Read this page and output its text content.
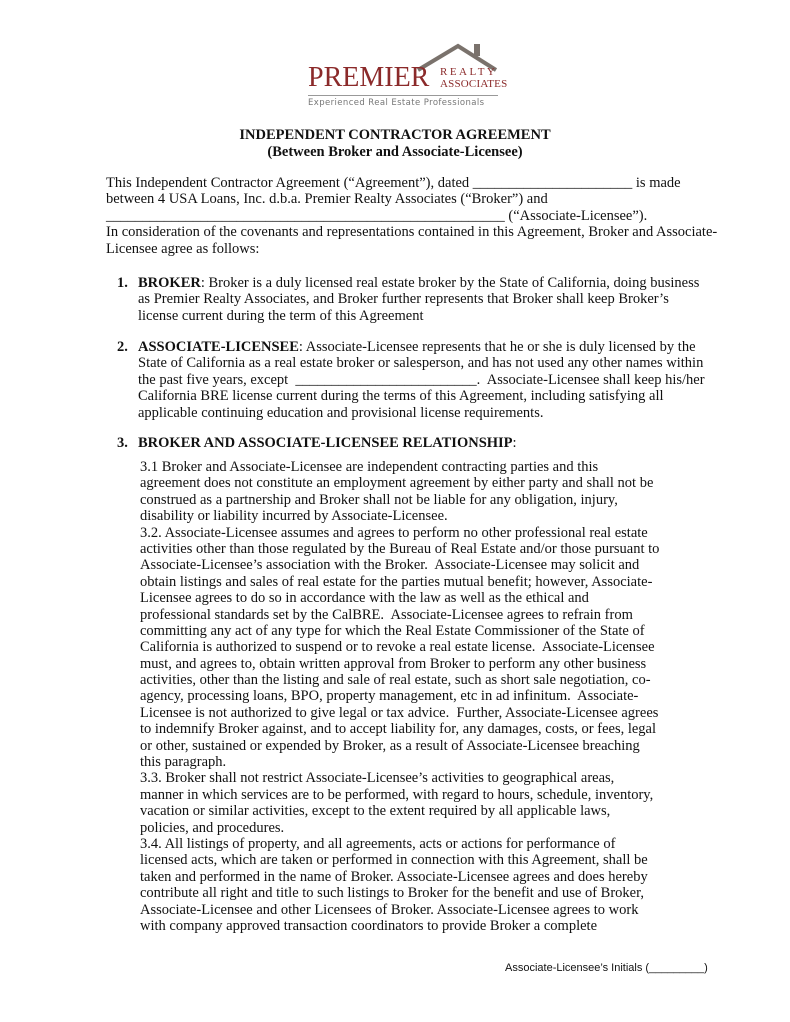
PREMIER REALTY
ASSOCIATES
Experienced Real Estate Professionals
INDEPENDENT CONTRACTOR AGREEMENT
(Between Broker and Associate-Licensee)
This Independent Contractor Agreement (“Agreement”), dated ______________________ is made
between 4 USA Loans, Inc. d.b.a. Premier Realty Associates (“Broker”) and
_______________________________________________________ (“Associate-Licensee”).
In consideration of the covenants and representations contained in this Agreement, Broker and Associate-
Licensee agree as follows:
1. BROKER: Broker is a duly licensed real estate broker by the State of California, doing business
as Premier Realty Associates, and Broker further represents that Broker shall keep Broker’s
license current during the term of this Agreement
2. ASSOCIATE-LICENSEE: Associate-Licensee represents that he or she is duly licensed by the
State of California as a real estate broker or salesperson, and has not used any other names within
the past five years, except  _________________________.  Associate-Licensee shall keep his/her
California BRE license current during the terms of this Agreement, including satisfying all
applicable continuing education and provisional license requirements.
3. BROKER AND ASSOCIATE-LICENSEE RELATIONSHIP:
3.1 Broker and Associate-Licensee are independent contracting parties and this
agreement does not constitute an employment agreement by either party and shall not be
construed as a partnership and Broker shall not be liable for any obligation, injury,
disability or liability incurred by Associate-Licensee.
3.2. Associate-Licensee assumes and agrees to perform no other professional real estate
activities other than those regulated by the Bureau of Real Estate and/or those pursuant to
Associate-Licensee’s association with the Broker.  Associate-Licensee may solicit and
obtain listings and sales of real estate for the parties mutual benefit; however, Associate-
Licensee agrees to do so in accordance with the law as well as the ethical and
professional standards set by the CalBRE.  Associate-Licensee agrees to refrain from
committing any act of any type for which the Real Estate Commissioner of the State of
California is authorized to suspend or to revoke a real estate license.  Associate-Licensee
must, and agrees to, obtain written approval from Broker to perform any other business
activities, other than the listing and sale of real estate, such as short sale negotiation, co-
agency, processing loans, BPO, property management, etc in ad infinitum.  Associate-
Licensee is not authorized to give legal or tax advice.  Further, Associate-Licensee agrees
to indemnify Broker against, and to accept liability for, any damages, costs, or fees, legal
or other, sustained or expended by Broker, as a result of Associate-Licensee breaching
this paragraph.
3.3. Broker shall not restrict Associate-Licensee’s activities to geographical areas,
manner in which services are to be performed, with regard to hours, schedule, inventory,
vacation or similar activities, except to the extent required by all applicable laws,
policies, and procedures.
3.4. All listings of property, and all agreements, acts or actions for performance of
licensed acts, which are taken or performed in connection with this Agreement, shall be
taken and performed in the name of Broker. Associate-Licensee agrees and does hereby
contribute all right and title to such listings to Broker for the benefit and use of Broker,
Associate-Licensee and other Licensees of Broker. Associate-Licensee agrees to work
with company approved transaction coordinators to provide Broker a complete
Associate-Licensee’s Initials (_________)
